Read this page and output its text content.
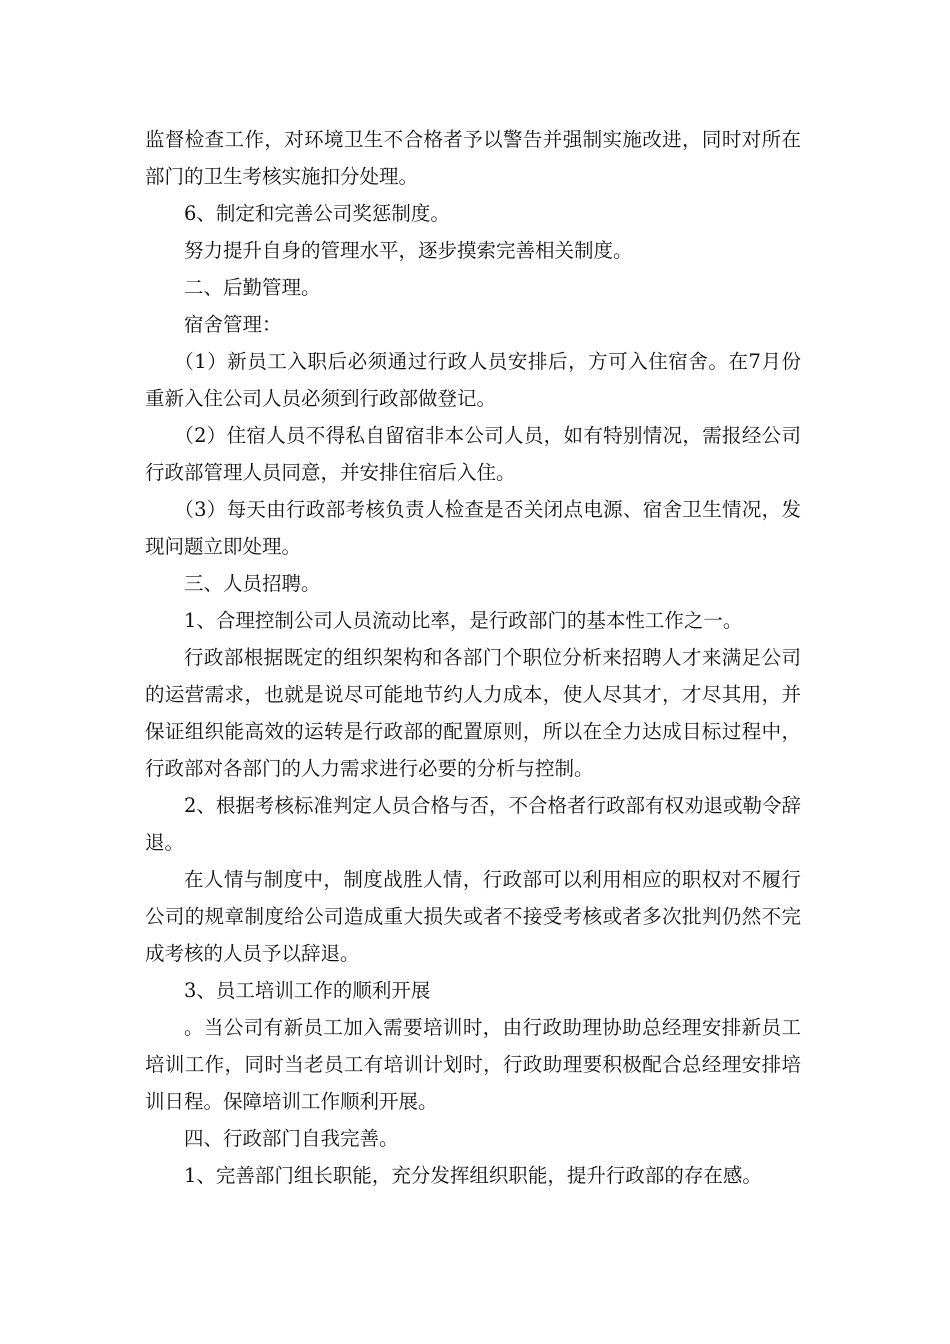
监督检查工作，对环境卫生不合格者予以警告并强制实施改进，同时对所在部门的卫生考核实施扣分处理。

6、制定和完善公司奖惩制度。

努力提升自身的管理水平，逐步摸索完善相关制度。

二、后勤管理。

宿舍管理：

（1）新员工入职后必须通过行政人员安排后，方可入住宿舍。在7月份重新入住公司人员必须到行政部做登记。

（2）住宿人员不得私自留宿非本公司人员，如有特别情况，需报经公司行政部管理人员同意，并安排住宿后入住。

（3）每天由行政部考核负责人检查是否关闭点电源、宿舍卫生情况，发现问题立即处理。

三、人员招聘。

1、合理控制公司人员流动比率，是行政部门的基本性工作之一。

行政部根据既定的组织架构和各部门个职位分析来招聘人才来满足公司的运营需求，也就是说尽可能地节约人力成本，使人尽其才，才尽其用，并保证组织能高效的运转是行政部的配置原则，所以在全力达成目标过程中，行政部对各部门的人力需求进行必要的分析与控制。

2、根据考核标准判定人员合格与否，不合格者行政部有权劝退或勒令辞退。

在人情与制度中，制度战胜人情，行政部可以利用相应的职权对不履行公司的规章制度给公司造成重大损失或者不接受考核或者多次批判仍然不完成考核的人员予以辞退。

3、员工培训工作的顺利开展

。当公司有新员工加入需要培训时，由行政助理协助总经理安排新员工培训工作，同时当老员工有培训计划时，行政助理要积极配合总经理安排培训日程。保障培训工作顺利开展。

四、行政部门自我完善。

1、完善部门组长职能，充分发挥组织职能，提升行政部的存在感。
